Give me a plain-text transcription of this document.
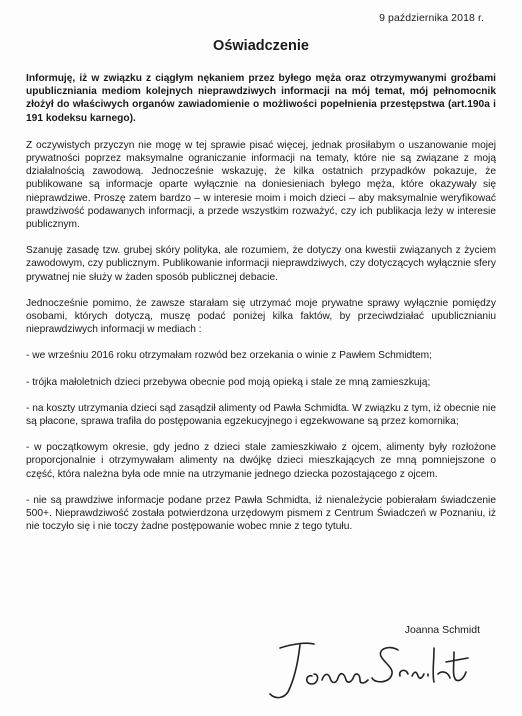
9 października 2018 r.
Oświadczenie

Informuję, iż w związku z ciągłym nękaniem przez byłego męża oraz otrzymywanymi groźbami upubliczniania mediom kolejnych nieprawdziwych informacji na mój temat, mój pełnomocnik złożył do właściwych organów zawiadomienie o możliwości popełnienia przestępstwa (art.190a i 191 kodeksu karnego).

Z oczywistych przyczyn nie mogę w tej sprawie pisać więcej, jednak prosiłabym o uszanowanie mojej prywatności poprzez maksymalne ograniczanie informacji na tematy, które nie są związane z moją działalnością zawodową. Jednocześnie wskazuję, że kilka ostatnich przypadków pokazuje, że publikowane są informacje oparte wyłącznie na doniesieniach byłego męża, które okazywały się nieprawdziwe. Proszę zatem bardzo – w interesie moim i moich dzieci – aby maksymalnie weryfikować prawdziwość podawanych informacji, a przede wszystkim rozważyć, czy ich publikacja leży w interesie publicznym.

Szanuję zasadę tzw. grubej skóry polityka, ale rozumiem, że dotyczy ona kwestii związanych z życiem zawodowym, czy publicznym. Publikowanie informacji nieprawdziwych, czy dotyczących wyłącznie sfery prywatnej nie służy w żaden sposób publicznej debacie.

Jednocześnie pomimo, że zawsze starałam się utrzymać moje prywatne sprawy wyłącznie pomiędzy osobami, których dotyczą, muszę podać poniżej kilka faktów, by przeciwdziałać upublicznianiu nieprawdziwych informacji w mediach :

- we wrześniu 2016 roku otrzymałam rozwód bez orzekania o winie z Pawłem Schmidtem;

- trójka małoletnich dzieci przebywa obecnie pod moją opieką i stale ze mną zamieszkują;

- na koszty utrzymania dzieci sąd zasądził alimenty od Pawła Schmidta. W związku z tym, iż obecnie nie są płacone, sprawa trafiła do postępowania egzekucyjnego i egzekwowane są przez komornika;

- w początkowym okresie, gdy jedno z dzieci stale zamieszkiwało z ojcem, alimenty były rozłożone proporcjonalnie i otrzymywałam alimenty na dwójkę dzieci mieszkających ze mną pomniejszone o część, która należna była ode mnie na utrzymanie jednego dziecka pozostającego z ojcem.

- nie są prawdziwe informacje podane przez Pawła Schmidta, iż nienależycie pobierałam świadczenie 500+. Nieprawdziwość została potwierdzona urzędowym pismem z Centrum Świadczeń w Poznaniu, iż nie toczyło się i nie toczy żadne postępowanie wobec mnie z tego tytułu.

Joanna Schmidt
